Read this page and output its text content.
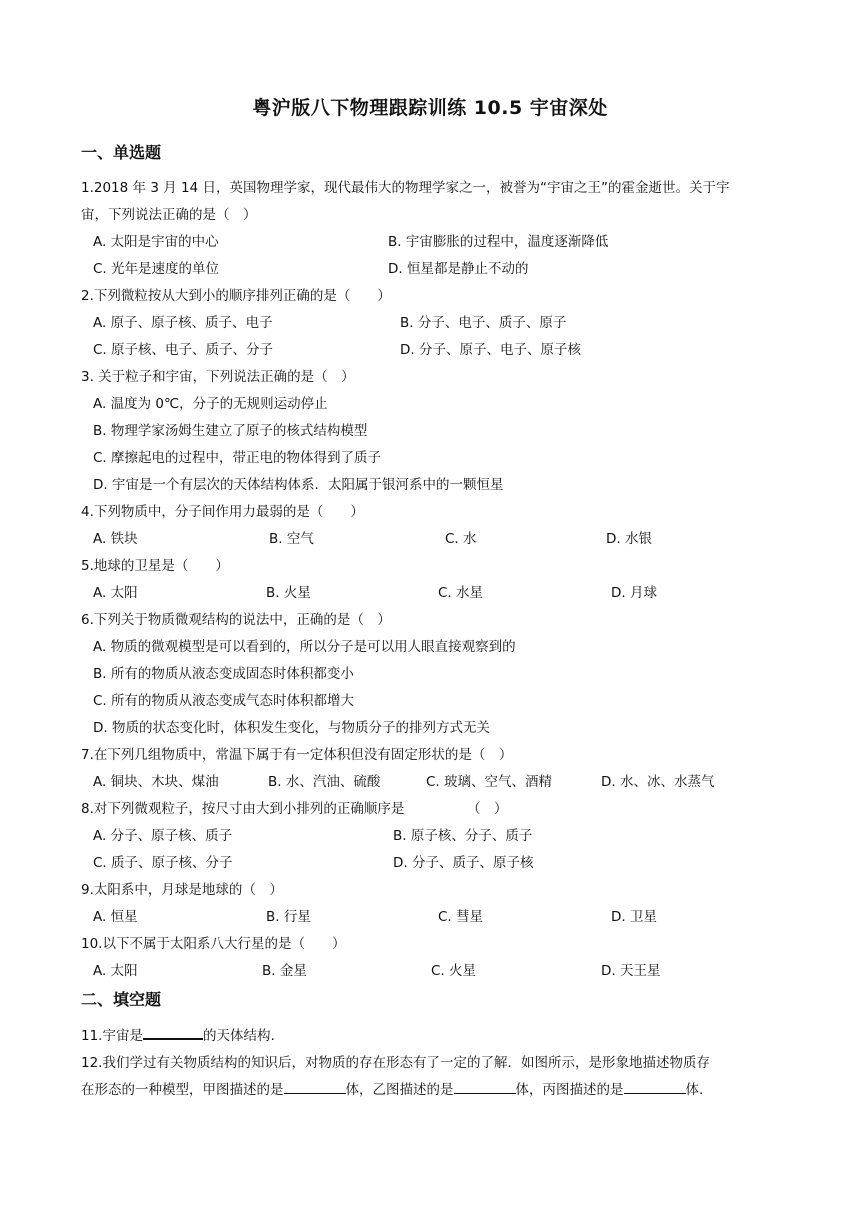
粤沪版八下物理跟踪训练 10.5 宇宙深处
一、单选题
1.2018 年 3 月 14 日，英国物理学家，现代最伟大的物理学家之一，被誉为“宇宙之王”的霍金逝世。关于宇
宙，下列说法正确的是（　）
A. 太阳是宇宙的中心	B. 宇宙膨胀的过程中，温度逐渐降低
C. 光年是速度的单位	D. 恒星都是静止不动的
2.下列微粒按从大到小的顺序排列正确的是（　　）
A. 原子、原子核、质子、电子	B. 分子、电子、质子、原子
C. 原子核、电子、质子、分子	D. 分子、原子、电子、原子核
3. 关于粒子和宇宙，下列说法正确的是（　）
A. 温度为 0℃，分子的无规则运动停止
B. 物理学家汤姆生建立了原子的核式结构模型
C. 摩擦起电的过程中，带正电的物体得到了质子
D. 宇宙是一个有层次的天体结构体系．太阳属于银河系中的一颗恒星
4.下列物质中，分子间作用力最弱的是（　　）
A. 铁块	B. 空气	C. 水	D. 水银
5.地球的卫星是（　　）
A. 太阳	B. 火星	C. 水星	D. 月球
6.下列关于物质微观结构的说法中，正确的是（　）
A. 物质的微观模型是可以看到的，所以分子是可以用人眼直接观察到的
B. 所有的物质从液态变成固态时体积都变小
C. 所有的物质从液态变成气态时体积都增大
D. 物质的状态变化时，体积发生变化，与物质分子的排列方式无关
7.在下列几组物质中，常温下属于有一定体积但没有固定形状的是（　）
A. 铜块、木块、煤油	B. 水、汽油、硫酸	C. 玻璃、空气、酒精	D. 水、冰、水蒸气
8.对下列微观粒子，按尺寸由大到小排列的正确顺序是	（　）
A. 分子、原子核、质子	B. 原子核、分子、质子
C. 质子、原子核、分子	D. 分子、质子、原子核
9.太阳系中，月球是地球的（　）
A. 恒星	B. 行星	C. 彗星	D. 卫星
10.以下不属于太阳系八大行星的是（　　）
A. 太阳	B. 金星	C. 火星	D. 天王星
二、填空题
11.宇宙是	的天体结构.
12.我们学过有关物质结构的知识后，对物质的存在形态有了一定的了解．如图所示，是形象地描述物质存
在形态的一种模型，甲图描述的是	体，乙图描述的是	体，丙图描述的是	体.
